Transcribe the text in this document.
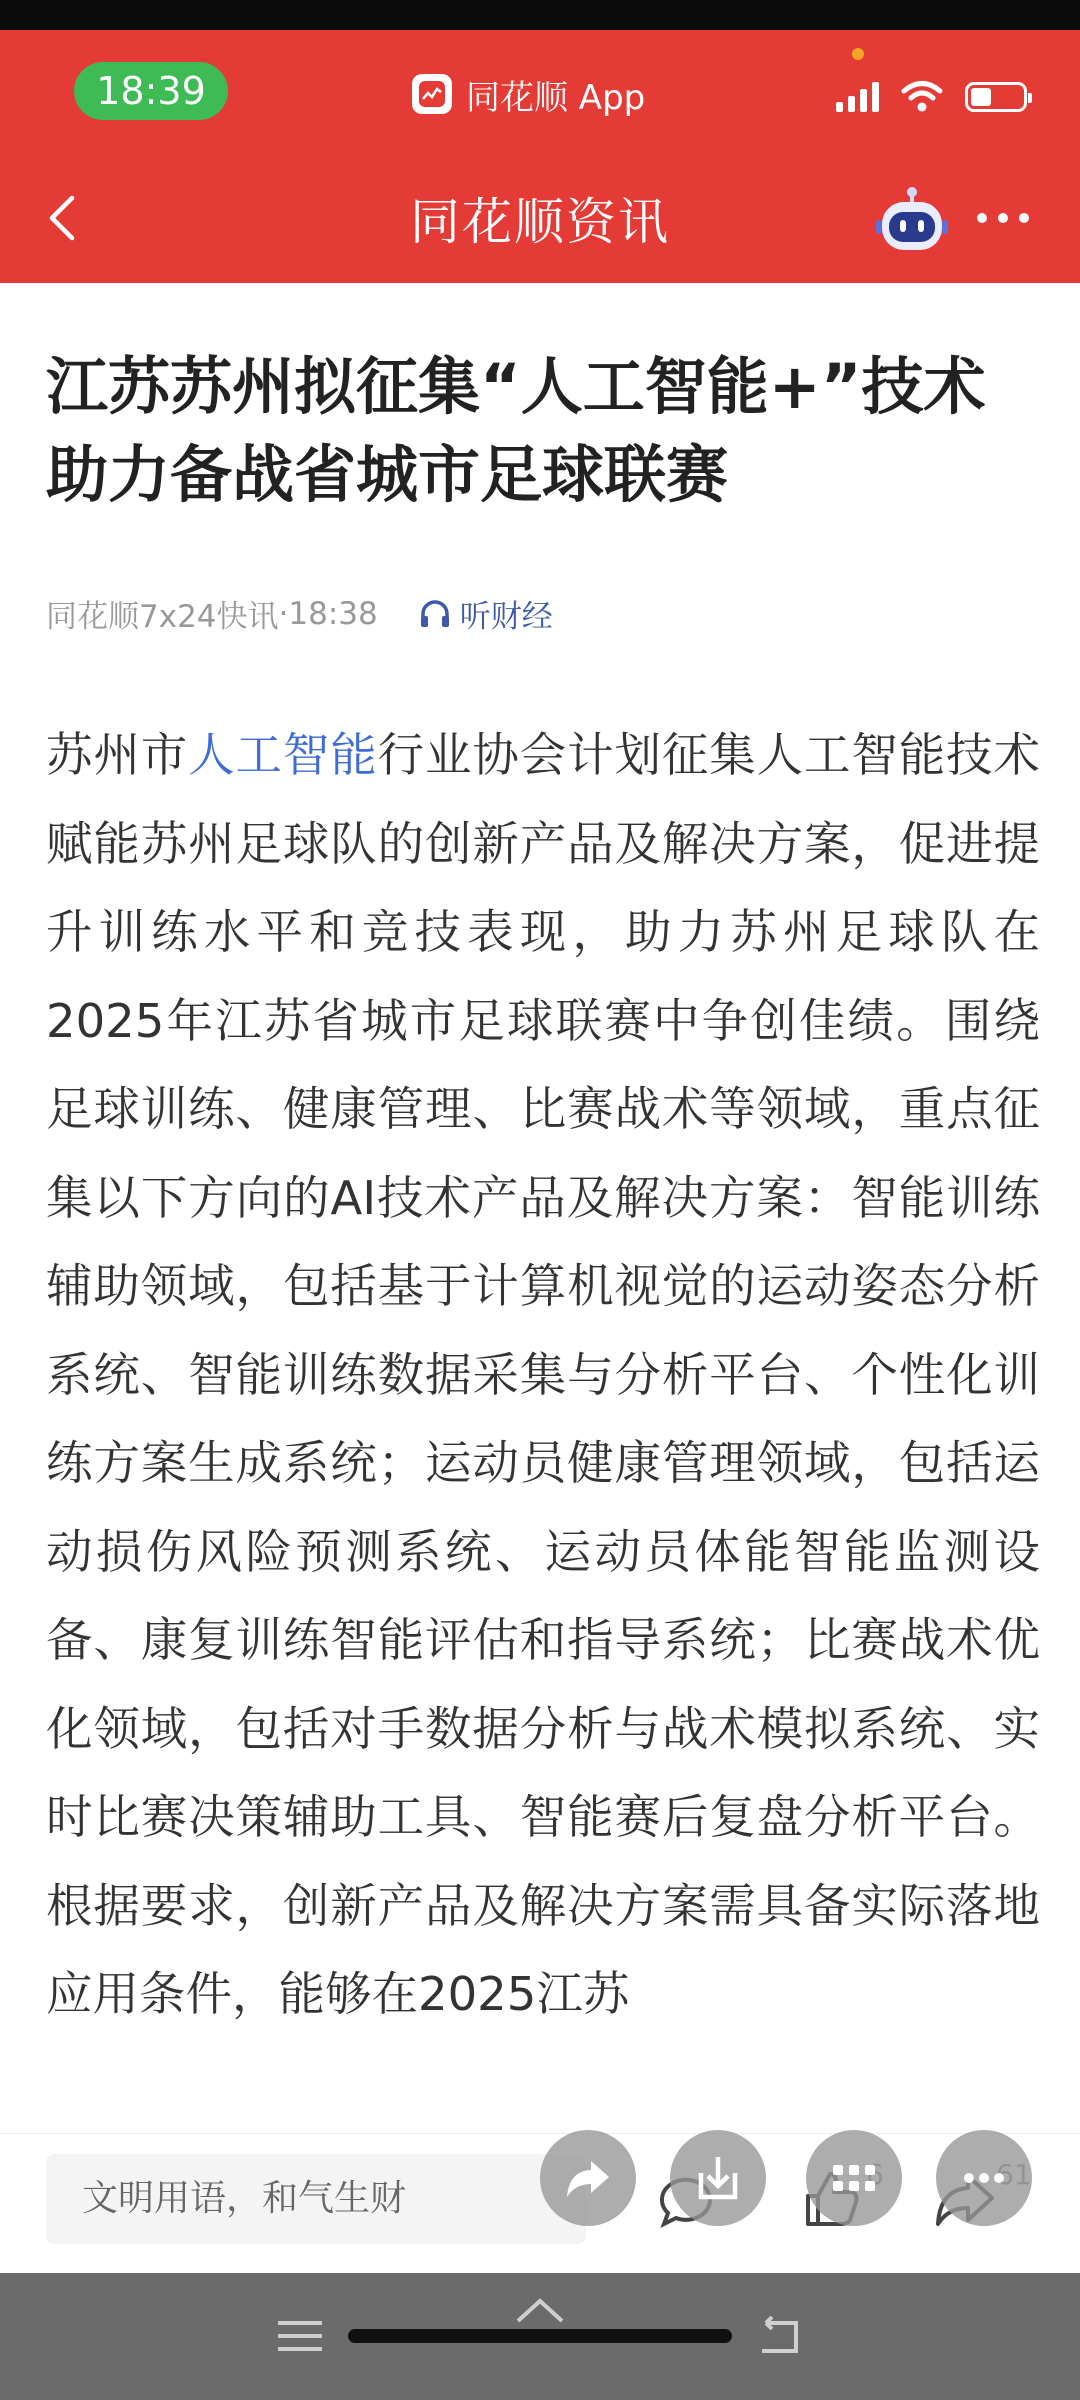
18:39	同花顺 App
同花顺资讯
江苏苏州拟征集“人工智能+”技术助力备战省城市足球联赛
同花顺7x24快讯 · 18:38	听财经
苏州市人工智能行业协会计划征集人工智能技术赋能苏州足球队的创新产品及解决方案，促进提升训练水平和竞技表现，助力苏州足球队在2025年江苏省城市足球联赛中争创佳绩。围绕足球训练、健康管理、比赛战术等领域，重点征集以下方向的AI技术产品及解决方案：智能训练辅助领域，包括基于计算机视觉的运动姿态分析系统、智能训练数据采集与分析平台、个性化训练方案生成系统；运动员健康管理领域，包括运动损伤风险预测系统、运动员体能智能监测设备、康复训练智能评估和指导系统；比赛战术优化领域，包括对手数据分析与战术模拟系统、实时比赛决策辅助工具、智能赛后复盘分析平台。根据要求，创新产品及解决方案需具备实际落地应用条件，能够在2025江苏
文明用语，和气生财
